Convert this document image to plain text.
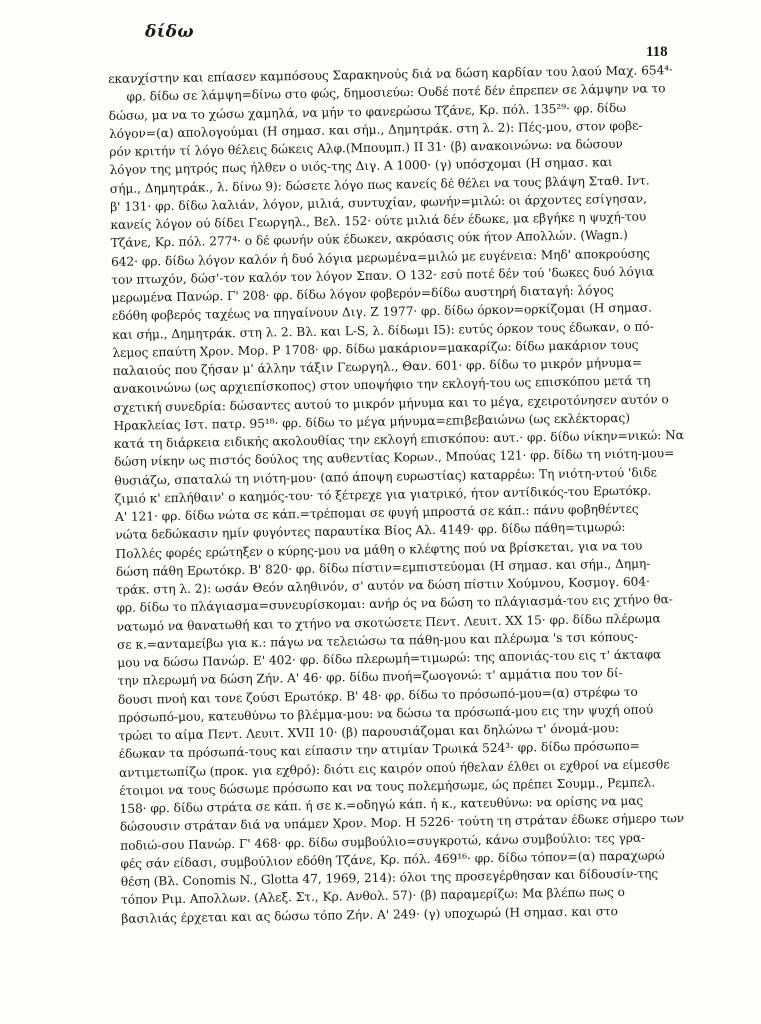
δίδω
118
εκανχίστην και επίασεν καμπόσους Σαρακηνούς διά να δώση καρδίαν του λαού Μαχ. 654⁴·
φρ. δίδω σε λάμψη=δίνω στο φώς, δημοσιεύω: Ουδέ ποτέ δέν έπρεπεν σε λάμψην να το
δώσω, μα να το χώσω χαμηλά, να μήν το φανερώσω Τζάνε, Κρ. πόλ. 135²⁹· φρ. δίδω
λόγον=(α) απολογούμαι (Η σημασ. και σήμ., Δημητράκ. στη λ. 2): Πές-μου, στον φοβε-
ρόν κριτήν τί λόγο θέλεις δώκεις Αλφ.(Μπουμπ.) ΙΙ 31· (β) ανακοινώνω: να δώσουν
λόγον της μητρός πως ήλθεν ο υιός-της Διγ. Α 1000· (γ) υπόσχομαι (Η σημασ. και
σήμ., Δημητράκ., λ. δίνω 9): δώσετε λόγο πως κανείς δέ θέλει να τους βλάψη Σταθ. Ιντ.
β' 131· φρ. δίδω λαλιάν, λόγον, μιλιά, συντυχίαν, φωνήν=μιλώ: οι άρχοντες εσίγησαν,
κανείς λόγον ού δίδει Γεωργηλ., Βελ. 152· ούτε μιλιά δέν έδωκε, μα εβγήκε η ψυχή-του
Τζάνε, Κρ. πόλ. 277⁴· ο δέ φωνήν ούκ έδωκεν, ακρόασις ούκ ήτον Απολλών. (Wagn.)
642· φρ. δίδω λόγον καλόν ή δυό λόγια μερωμένα=μιλώ με ευγένεια: Μηδ' αποκρούσης
τον πτωχόν, δώσ'-τον καλόν τον λόγον Σπαν. Ο 132· εσύ ποτέ δέν τού 'δωκες δυό λόγια
μερωμένα Πανώρ. Γ' 208· φρ. δίδω λόγον φοβερόν=δίδω αυστηρή διαταγή: λόγος
εδόθη φοβερός ταχέως να πηγαίνουν Διγ. Ζ 1977· φρ. δίδω όρκον=ορκίζομαι (Η σημασ.
και σήμ., Δημητράκ. στη λ. 2. Βλ. και L-S, λ. δίδωμι Ι5): ευτύς όρκον τους έδωκαν, ο πό-
λεμος επαύτη Χρον. Μορ. Ρ 1708· φρ. δίδω μακάριον=μακαρίζω: δίδω μακάριον τους
παλαιούς που ζήσαν μ' άλλην τάξιν Γεωργηλ., Θαν. 601· φρ. δίδω το μικρόν μήνυμα=
ανακοινώνω (ως αρχιεπίσκοπος) στον υποψήφιο την εκλογή-του ως επισκόπου μετά τη
σχετική συνεδρία: δώσαντες αυτού το μικρόν μήνυμα και το μέγα, εχειροτόνησεν αυτόν ο
Ηρακλείας Ιστ. πατρ. 95¹⁸· φρ. δίδω το μέγα μήνυμα=επιβεβαιώνω (ως εκλέκτορας)
κατά τη διάρκεια ειδικής ακολουθίας την εκλογή επισκόπου: αυτ.· φρ. δίδω νίκην=νικώ: Να
δώση νίκην ως πιστός δούλος της αυθεντίας Κορων., Μπούας 121· φρ. δίδω τη νιότη-μου=
θυσιάζω, σπαταλώ τη νιότη-μου· (από άποψη ευρωστίας) καταρρέω: Τη νιότη-ντού 'διδε
ζιμιό κ' επλήθαιν' ο καημός-του· τό ξέτρεχε για γιατρικό, ήτον αντίδικός-του Ερωτόκρ.
Α' 121· φρ. δίδω νώτα σε κάπ.=τρέπομαι σε φυγή μπροστά σε κάπ.: πάνυ φοβηθέντες
νώτα δεδώκασιν ημίν φυγόντες παραυτίκα Βίος Αλ. 4149· φρ. δίδω πάθη=τιμωρώ:
Πολλές φορές ερώτηξεν ο κύρης-μου να μάθη ο κλέφτης πού να βρίσκεται, για να του
δώση πάθη Ερωτόκρ. Β' 820· φρ. δίδω πίστιν=εμπιστεύομαι (Η σημασ. και σήμ., Δημη-
τράκ. στη λ. 2): ωσάν Θεόν αληθινόν, σ' αυτόν να δώση πίστιν Χούμνου, Κοσμογ. 604·
φρ. δίδω το πλάγιασμα=συνευρίσκομαι: ανήρ ός να δώση το πλάγιασμά-του εις χτήνο θα-
νατωμό να θανατωθή και το χτήνο να σκοτώσετε Πεντ. Λευιτ. ΧΧ 15· φρ. δίδω πλέρωμα
σε κ.=ανταμείβω για κ.: πάγω να τελειώσω τα πάθη-μου και πλέρωμα 's τσι κόπους-
μου να δώσω Πανώρ. Ε' 402· φρ. δίδω πλερωμή=τιμωρώ: της απονιάς-του εις τ' άκταφα
την πλερωμή να δώση Ζήν. Α' 46· φρ. δίδω πνοή=ζωογονώ: τ' αμμάτια που τον δί-
δουσι πνοή και τονε ζούσι Ερωτόκρ. Β' 48· φρ. δίδω το πρόσωπό-μου=(α) στρέφω το
πρόσωπό-μου, κατευθύνω το βλέμμα-μου: να δώσω τα πρόσωπά-μου εις την ψυχή οπού
τρώει το αίμα Πεντ. Λευιτ. XVII 10· (β) παρουσιάζομαι και δηλώνω τ' όνομά-μου:
έδωκαν τα πρόσωπά-τους και είπασιν την ατιμίαν Τρωικά 524³· φρ. δίδω πρόσωπο=
αντιμετωπίζω (προκ. για εχθρό): διότι εις καιρόν οπού ήθελαν έλθει οι εχθροί να είμεσθε
έτοιμοι να τους δώσωμε πρόσωπο και να τους πολεμήσωμε, ώς πρέπει Σουμμ., Ρεμπελ.
158· φρ. δίδω στράτα σε κάπ. ή σε κ.=οδηγώ κάπ. ή κ., κατευθύνω: να ορίσης να μας
δώσουσιν στράταν διά να υπάμεν Χρον. Μορ. Η 5226· τούτη τη στράταν έδωκε σήμερο των
ποδιώ-σου Πανώρ. Γ' 468· φρ. δίδω συμβούλιο=συγκροτώ, κάνω συμβούλιο: τες γρα-
φές σάν είδασι, συμβούλιον εδόθη Τζάνε, Κρ. πόλ. 469¹⁶· φρ. δίδω τόπον=(α) παραχωρώ
θέση (Βλ. Conomis N., Glotta 47, 1969, 214): όλοι της προσεγέρθησαν και δίδουσίν-της
τόπον Ριμ. Απολλων. (Αλεξ. Στ., Κρ. Ανθολ. 57)· (β) παραμερίζω: Μα βλέπω πως ο
βασιλιάς έρχεται και ας δώσω τόπο Ζήν. Α' 249· (γ) υποχωρώ (Η σημασ. και στο
